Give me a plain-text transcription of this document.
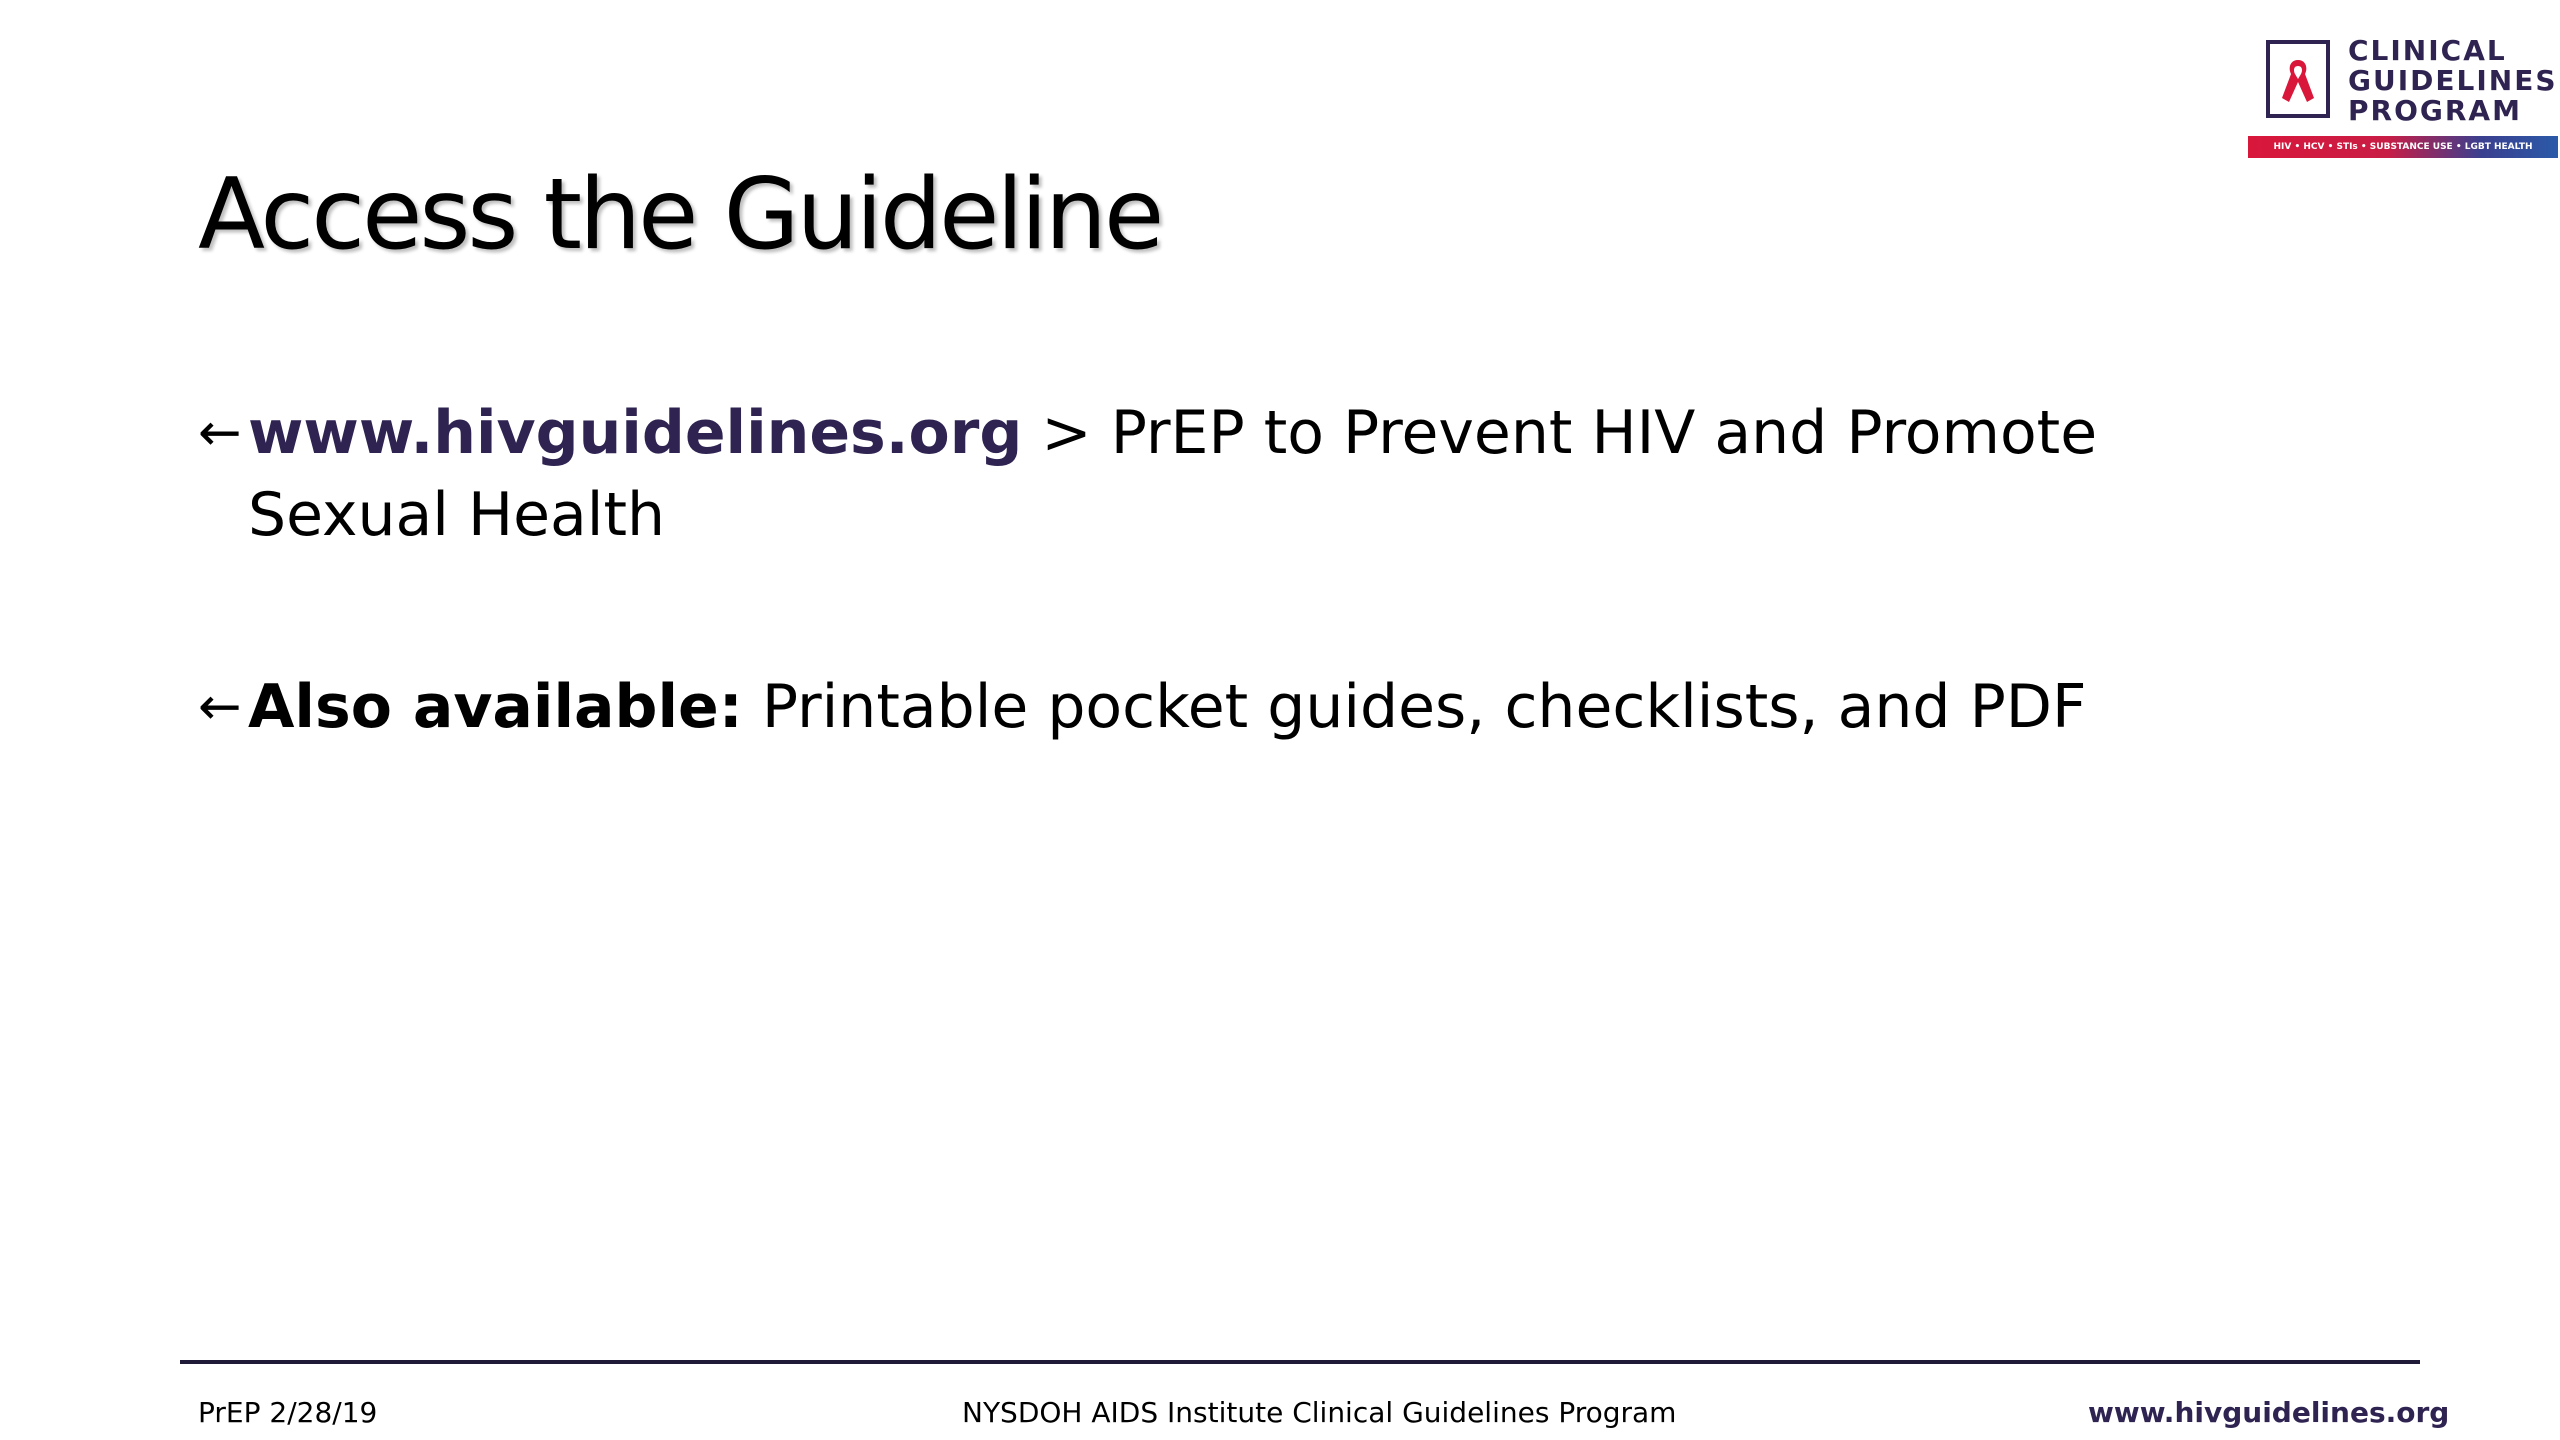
CLINICAL
GUIDELINES
PROGRAM
HIV • HCV • STIs • SUBSTANCE USE • LGBT HEALTH
Access the Guideline
← www.hivguidelines.org > PrEP to Prevent HIV and Promote Sexual Health
← Also available: Printable pocket guides, checklists, and PDF
PrEP 2/28/19	NYSDOH AIDS Institute Clinical Guidelines Program	www.hivguidelines.org
